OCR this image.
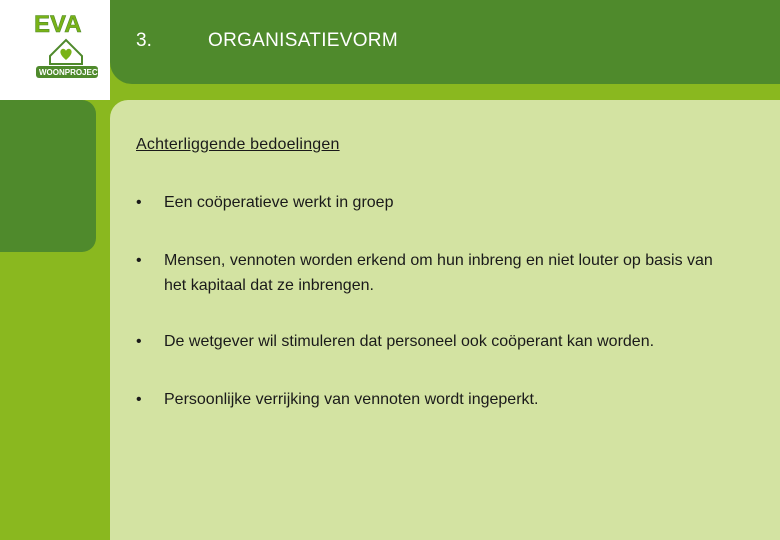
EVA
WOONPROJECT
3.	ORGANISATIEVORM
Achterliggende bedoelingen
•	Een coöperatieve werkt in groep
•	Mensen, vennoten worden erkend om hun inbreng en niet louter op basis van het kapitaal dat ze inbrengen.
•	De wetgever wil stimuleren dat personeel ook coöperant kan worden.
•	Persoonlijke verrijking van vennoten wordt ingeperkt.
